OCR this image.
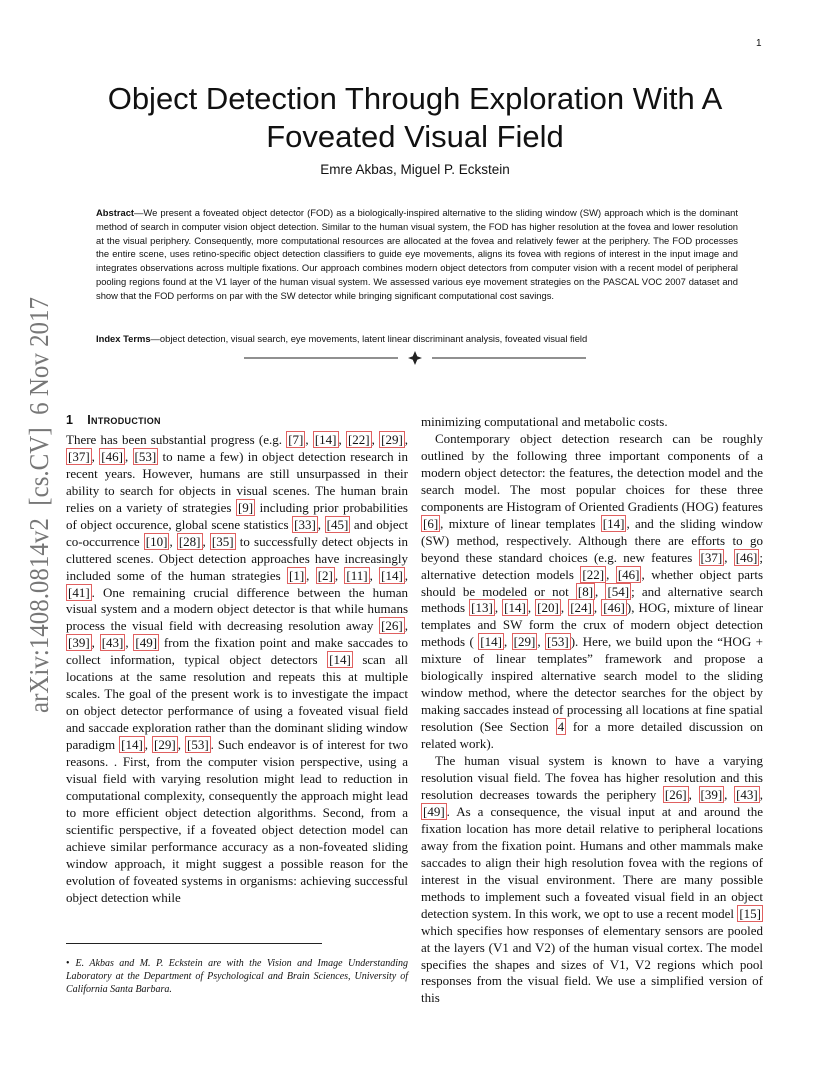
1
arXiv:1408.0814v2  [cs.CV]  6 Nov 2017
Object Detection Through Exploration With A Foveated Visual Field
Emre Akbas, Miguel P. Eckstein
Abstract—We present a foveated object detector (FOD) as a biologically-inspired alternative to the sliding window (SW) approach which is the dominant method of search in computer vision object detection. Similar to the human visual system, the FOD has higher resolution at the fovea and lower resolution at the visual periphery. Consequently, more computational resources are allocated at the fovea and relatively fewer at the periphery. The FOD processes the entire scene, uses retino-specific object detection classifiers to guide eye movements, aligns its fovea with regions of interest in the input image and integrates observations across multiple fixations. Our approach combines modern object detectors from computer vision with a recent model of peripheral pooling regions found at the V1 layer of the human visual system. We assessed various eye movement strategies on the PASCAL VOC 2007 dataset and show that the FOD performs on par with the SW detector while bringing significant computational cost savings.
Index Terms—object detection, visual search, eye movements, latent linear discriminant analysis, foveated visual field
1 Introduction

There has been substantial progress (e.g. [7] , [14] , [22] , [29] , [37] , [46] , [53] to name a few) in object detection research in recent years. However, humans are still unsurpassed in their ability to search for objects in visual scenes. The human brain relies on a variety of strategies [9] including prior probabilities of object occurence, global scene statistics [33] , [45] and object co-occurrence [10] , [28] , [35] to successfully detect objects in cluttered scenes. Object detection approaches have increasingly included some of the human strategies [1] , [2] , [11] , [14] , [41] . One remaining crucial difference between the human visual system and a modern object detector is that while humans process the visual field with decreasing resolution away [26] , [39] , [43] , [49] from the fixation point and make saccades to collect information, typical object detectors [14] scan all locations at the same resolution and repeats this at multiple scales. The goal of the present work is to investigate the impact on object detector performance of using a foveated visual field and saccade exploration rather than the dominant sliding window paradigm [14] , [29] , [53] . Such endeavor is of interest for two reasons. . First, from the computer vision perspective, using a visual field with varying resolution might lead to reduction in computational complexity, consequently the approach might lead to more efficient object detection algorithms. Second, from a scientific perspective, if a foveated object detection model can achieve similar performance accuracy as a non-foveated sliding window approach, it might suggest a possible reason for the evolution of foveated systems in organisms: achieving successful object detection while

• E. Akbas and M. P. Eckstein are with the Vision and Image Understanding Laboratory at the Department of Psychological and Brain Sciences, University of California Santa Barbara.

minimizing computational and metabolic costs.

Contemporary object detection research can be roughly outlined by the following three important components of a modern object detector: the features, the detection model and the search model. The most popular choices for these three components are Histogram of Oriented Gradients (HOG) features [6] , mixture of linear templates [14] , and the sliding window (SW) method, respectively. Although there are efforts to go beyond these standard choices (e.g. new features [37] , [46] ; alternative detection models [22] , [46] , whether object parts should be modeled or not [8] , [54] ; and alternative search methods [13] , [14] , [20] , [24] , [46] ), HOG, mixture of linear templates and SW form the crux of modern object detection methods ( [14] , [29] , [53] ). Here, we build upon the “HOG + mixture of linear templates” framework and propose a biologically inspired alternative search model to the sliding window method, where the detector searches for the object by making saccades instead of processing all locations at fine spatial resolution (See Section 4 for a more detailed discussion on related work).

The human visual system is known to have a varying resolution visual field. The fovea has higher resolution and this resolution decreases towards the periphery [26] , [39] , [43] , [49] . As a consequence, the visual input at and around the fixation location has more detail relative to peripheral locations away from the fixation point. Humans and other mammals make saccades to align their high resolution fovea with the regions of interest in the visual environment. There are many possible methods to implement such a foveated visual field in an object detection system. In this work, we opt to use a recent model [15] which specifies how responses of elementary sensors are pooled at the layers (V1 and V2) of the human visual cortex. The model specifies the shapes and sizes of V1, V2 regions which pool responses from the visual field. We use a simplified version of this
